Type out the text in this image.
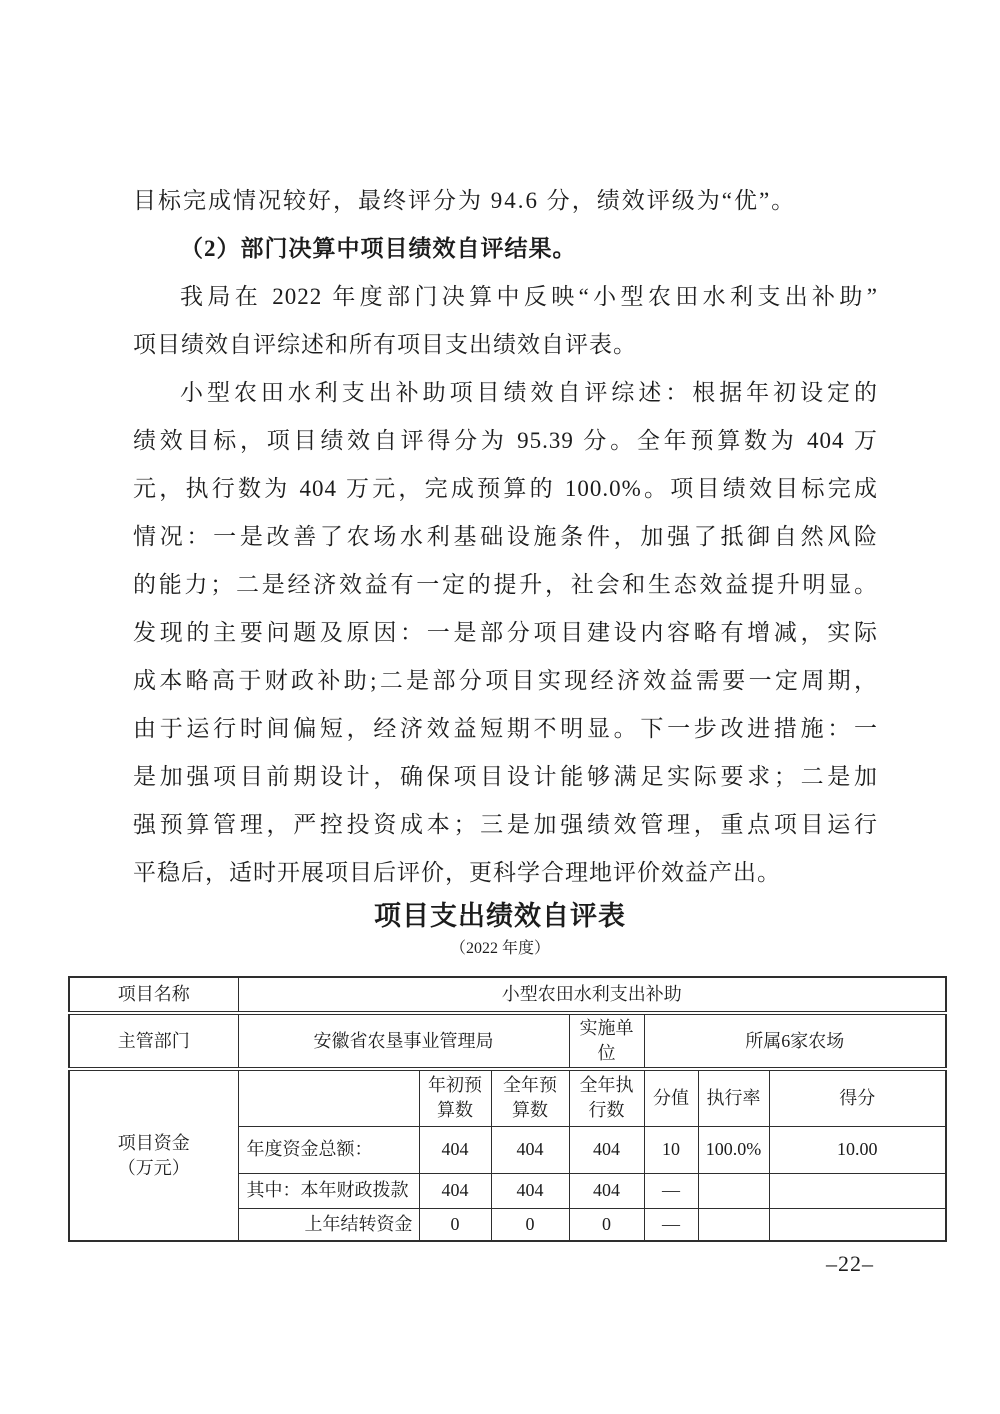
目标完成情况较好，最终评分为 94.6 分，绩效评级为“优”。
（2）部门决算中项目绩效自评结果。
我局在 2022 年度部门决算中反映“小型农田水利支出补助”
项目绩效自评综述和所有项目支出绩效自评表。
小型农田水利支出补助项目绩效自评综述：根据年初设定的
绩效目标，项目绩效自评得分为 95.39 分。全年预算数为 404 万
元，执行数为 404 万元，完成预算的 100.0%。项目绩效目标完成
情况：一是改善了农场水利基础设施条件，加强了抵御自然风险
的能力；二是经济效益有一定的提升，社会和生态效益提升明显。
发现的主要问题及原因：一是部分项目建设内容略有增减，实际
成本略高于财政补助;二是部分项目实现经济效益需要一定周期，
由于运行时间偏短，经济效益短期不明显。下一步改进措施：一
是加强项目前期设计，确保项目设计能够满足实际要求；二是加
强预算管理，严控投资成本；三是加强绩效管理，重点项目运行
平稳后，适时开展项目后评价，更科学合理地评价效益产出。
项目支出绩效自评表
（2022 年度）
项目名称	小型农田水利支出补助						
主管部门	安徽省农垦事业管理局			实施单位	所属6家农场		

项目资金
（万元）		年初预算数	全年预算数	全年执行数	分值	执行率	得分
	年度资金总额：	404	404	404	10	100.0%	10.00
	其中：本年财政拨款	404	404	404	—		
	上年结转资金	0	0	0	—		
–22–
